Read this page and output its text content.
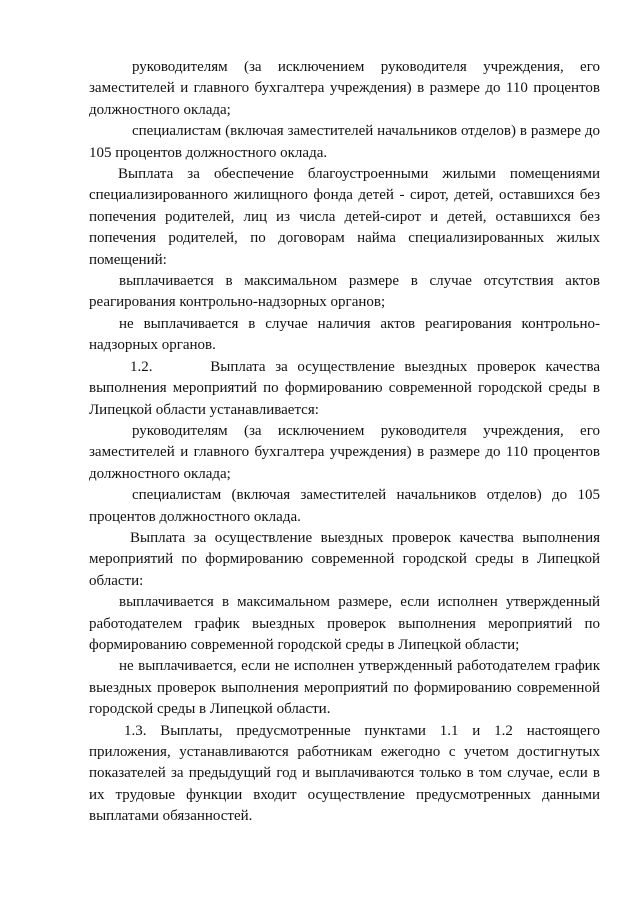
руководителям (за исключением руководителя учреждения, его заместителей и главного бухгалтера учреждения) в размере до 110 процентов должностного оклада;

специалистам (включая заместителей начальников отделов) в размере до 105 процентов должностного оклада.

Выплата за обеспечение благоустроенными жилыми помещениями специализированного жилищного фонда детей - сирот, детей, оставшихся без попечения родителей, лиц из числа детей-сирот и детей, оставшихся без попечения родителей, по договорам найма специализированных жилых помещений:

выплачивается в максимальном размере в случае отсутствия актов реагирования контрольно-надзорных органов;

не выплачивается в случае наличия актов реагирования контрольно-надзорных органов.

1.2.      Выплата за осуществление выездных проверок качества выполнения мероприятий по формированию современной городской среды в Липецкой области устанавливается:

руководителям (за исключением руководителя учреждения, его заместителей и главного бухгалтера учреждения) в размере до 110 процентов должностного оклада;

специалистам (включая заместителей начальников отделов) до 105 процентов должностного оклада.

Выплата за осуществление выездных проверок качества выполнения мероприятий по формированию современной городской среды в Липецкой области:

выплачивается в максимальном размере, если исполнен утвержденный работодателем график выездных проверок выполнения мероприятий по формированию современной городской среды в Липецкой области;

не выплачивается, если не исполнен утвержденный работодателем график выездных проверок выполнения мероприятий по формированию современной городской среды в Липецкой области.

1.3. Выплаты, предусмотренные пунктами 1.1 и 1.2 настоящего приложения, устанавливаются работникам ежегодно с учетом достигнутых показателей за предыдущий год и выплачиваются только в том случае, если в их трудовые функции входит осуществление предусмотренных данными выплатами обязанностей.
